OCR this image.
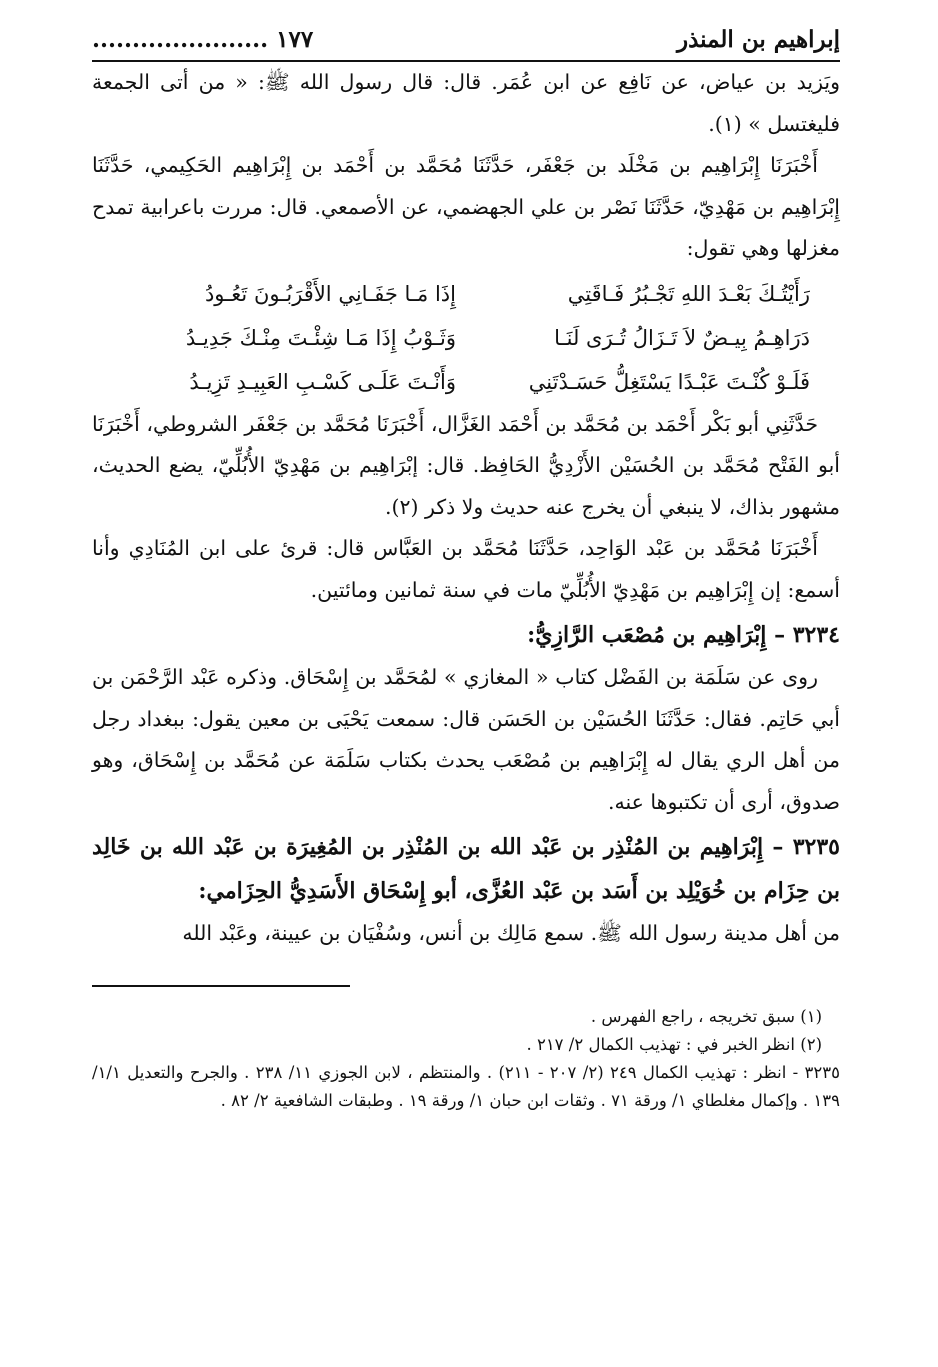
إبراهيم بن المنذر
١٧٧ ......................

ويَزيد بن عياض، عن نَافِع عن ابن عُمَر. قال: قال رسول الله ﷺ: « من أتى الجمعة فليغتسل » (١).

أَخْبَرَنَا إِبْرَاهِيم بن مَخْلَد بن جَعْفَر، حَدَّثَنَا مُحَمَّد بن أَحْمَد بن إِبْرَاهِيم الحَكِيمي، حَدَّثَنَا إِبْرَاهِيم بن مَهْدِيّ، حَدَّثَنَا نَصْر بن علي الجهضمي، عن الأصمعي. قال: مررت باعرابية تمدح مغزلها وهي تقول:

رَأَيْتُـكَ بَعْـدَ اللهِ تَجْـبُرُ فَـاقَتِي	إِذَا مَـا جَفَـانِي الأَقْرَبُـونَ تَعُـودُ
دَرَاهِـمُ بِيـضٌ لاَ تَـزَالُ تُـرَى لَنَـا	وَثَـوْبُ إِذَا مَـا شِئْـتَ مِنْـكَ جَدِيـدُ
فَلَـوْ كُنْـتَ عَبْـدًا يَسْتَغِلُّ حَسَـدْتَنِي	وَأَنْـتَ عَلَـى كَسْـبِ العَبِيـدِ تَزِيـدُ

حَدَّثَنِي أبو بَكْر أَحْمَد بن مُحَمَّد بن أَحْمَد الغَزَّال، أَخْبَرَنَا مُحَمَّد بن جَعْفَر الشروطي، أَخْبَرَنَا أبو الفَتْح مُحَمَّد بن الحُسَيْن الأَزْدِيُّ الحَافِظ. قال: إبْرَاهِيم بن مَهْدِيّ الأُبُلِّيّ، يضع الحديث، مشهور بذاك، لا ينبغي أن يخرج عنه حديث ولا ذكر (٢).

أَخْبَرَنَا مُحَمَّد بن عَبْد الوَاحِد، حَدَّثَنَا مُحَمَّد بن العَبَّاس قال: قرئ على ابن المُنَادِي وأنا أسمع: إن إِبْرَاهِيم بن مَهْدِيّ الأُبُلِّيّ مات في سنة ثمانين ومائتين.

٣٢٣٤ – إِبْرَاهِيم بن مُصْعَب الرَّازِيُّ:

روى عن سَلَمَة بن الفَضْل كتاب « المغازي » لمُحَمَّد بن إِسْحَاق. وذكره عَبْد الرَّحْمَن بن أبي حَاتِم. فقال: حَدَّثَنَا الحُسَيْن بن الحَسَن قال: سمعت يَحْيَى بن معين يقول: ببغداد رجل من أهل الري يقال له إِبْرَاهِيم بن مُصْعَب يحدث بكتاب سَلَمَة عن مُحَمَّد بن إِسْحَاق، وهو صدوق، أرى أن تكتبوها عنه.

٣٢٣٥ – إِبْرَاهِيم بن المُنْذِر بن عَبْد الله بن المُنْذِر بن المُغِيرَة بن عَبْد الله بن خَالِد بن حِزَام بن خُوَيْلِد بن أَسَد بن عَبْد العُزَّى، أبو إِسْحَاق الأَسَدِيُّ الحِزَامي:

من أهل مدينة رسول الله ﷺ. سمع مَالِك بن أنس، وسُفْيَان بن عيينة، وعَبْد الله

(١) سبق تخريجه ، راجع الفهرس .

(٢) انظر الخبر في : تهذيب الكمال ٢/ ٢١٧ .

٣٢٣٥ - انظر : تهذيب الكمال ٢٤٩ (٢/ ٢٠٧ - ٢١١) . والمنتظم ، لابن الجوزي ١١/ ٢٣٨ . والجرح والتعديل ١/١/ ١٣٩ . وإكمال مغلطاي ١/ ورقة ٧١ . وثقات ابن حبان ١/ ورقة ١٩ . وطبقات الشافعية ٢/ ٨٢ .
